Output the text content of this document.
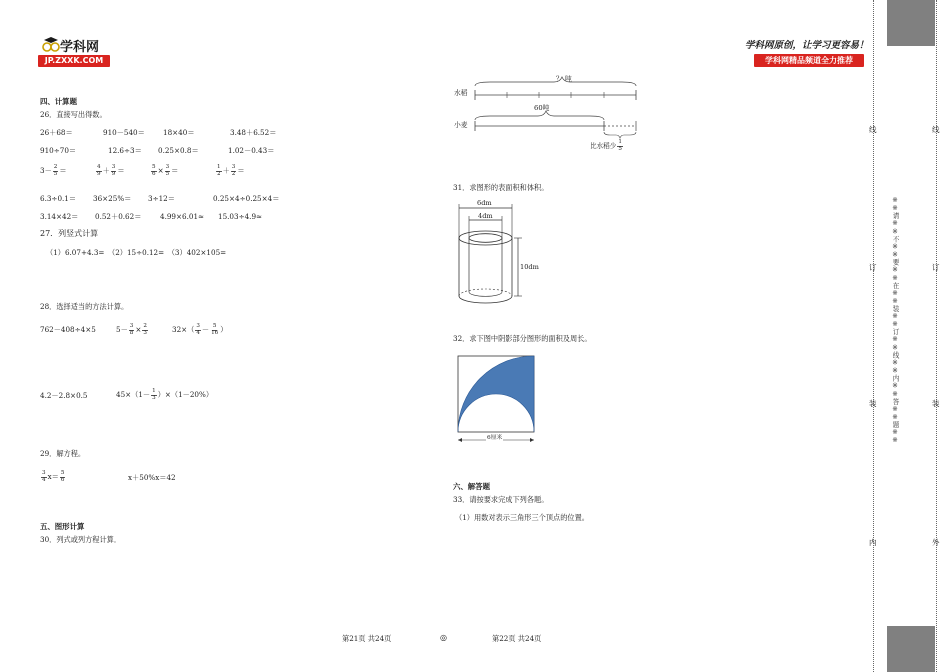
学科网
JP.ZXXK.COM
学科网原创，让学习更容易！
学科网精品频道全力推荐
四、计算题
26．直接写出得数。
26＋68＝	910－540＝	18×40＝	3.48＋6.52＝
910÷70＝	12.6÷3＝ 0.25×0.8＝	1.02－0.43＝
$3- \frac{2}{5}$ ＝	$\frac{4}{9} + \frac{3}{9}$ ＝	$\frac{5}{6} \times \frac{3}{5}$ ＝	$\frac{1}{2} + \frac{3}{2}$ ＝
6.3÷0.1＝ 36×25%＝ 3÷12＝	0.25×4÷0.25×4＝
3.14×42＝ 0.52＋0.62＝	4.99×6.01≈ 15.03÷4.9≈
27．列竖式计算
（1）6.07+4.3=　（2）15÷0.12=　（3）402×105=
28．选择适当的方法计算。
762－408÷4×5	$5- \frac{3}{8} \times \frac{2}{3}$	$32\times( \frac{3}{4} - \frac{5}{16}$ ）
4.2－2.8×0.5	$45\times(1- \frac{1}{3} )\times(1-20\%)$
29．解方程。
$\frac{3}{4} x= \frac{5}{6}$	x＋50%x＝42
五、图形计算
30．列式或列方程计算．
水稻
小麦
？ 吨
60吨
比水稻少 $\frac{1}{5}$
31．求图形的表面积和体积。
6dm
4dm
10dm
32．求下图中阴影部分图形的面积及周长。
6厘米
六、解答题
33．请按要求完成下列各题。
（1）用数对表示三角形三个顶点的位置。
第21页 共24页	◎	第22页 共24页
线
订
装
内
线
订
装
外
※※请※※不※※要※※在※※装※※订※※线※※内※※答※※题※※
